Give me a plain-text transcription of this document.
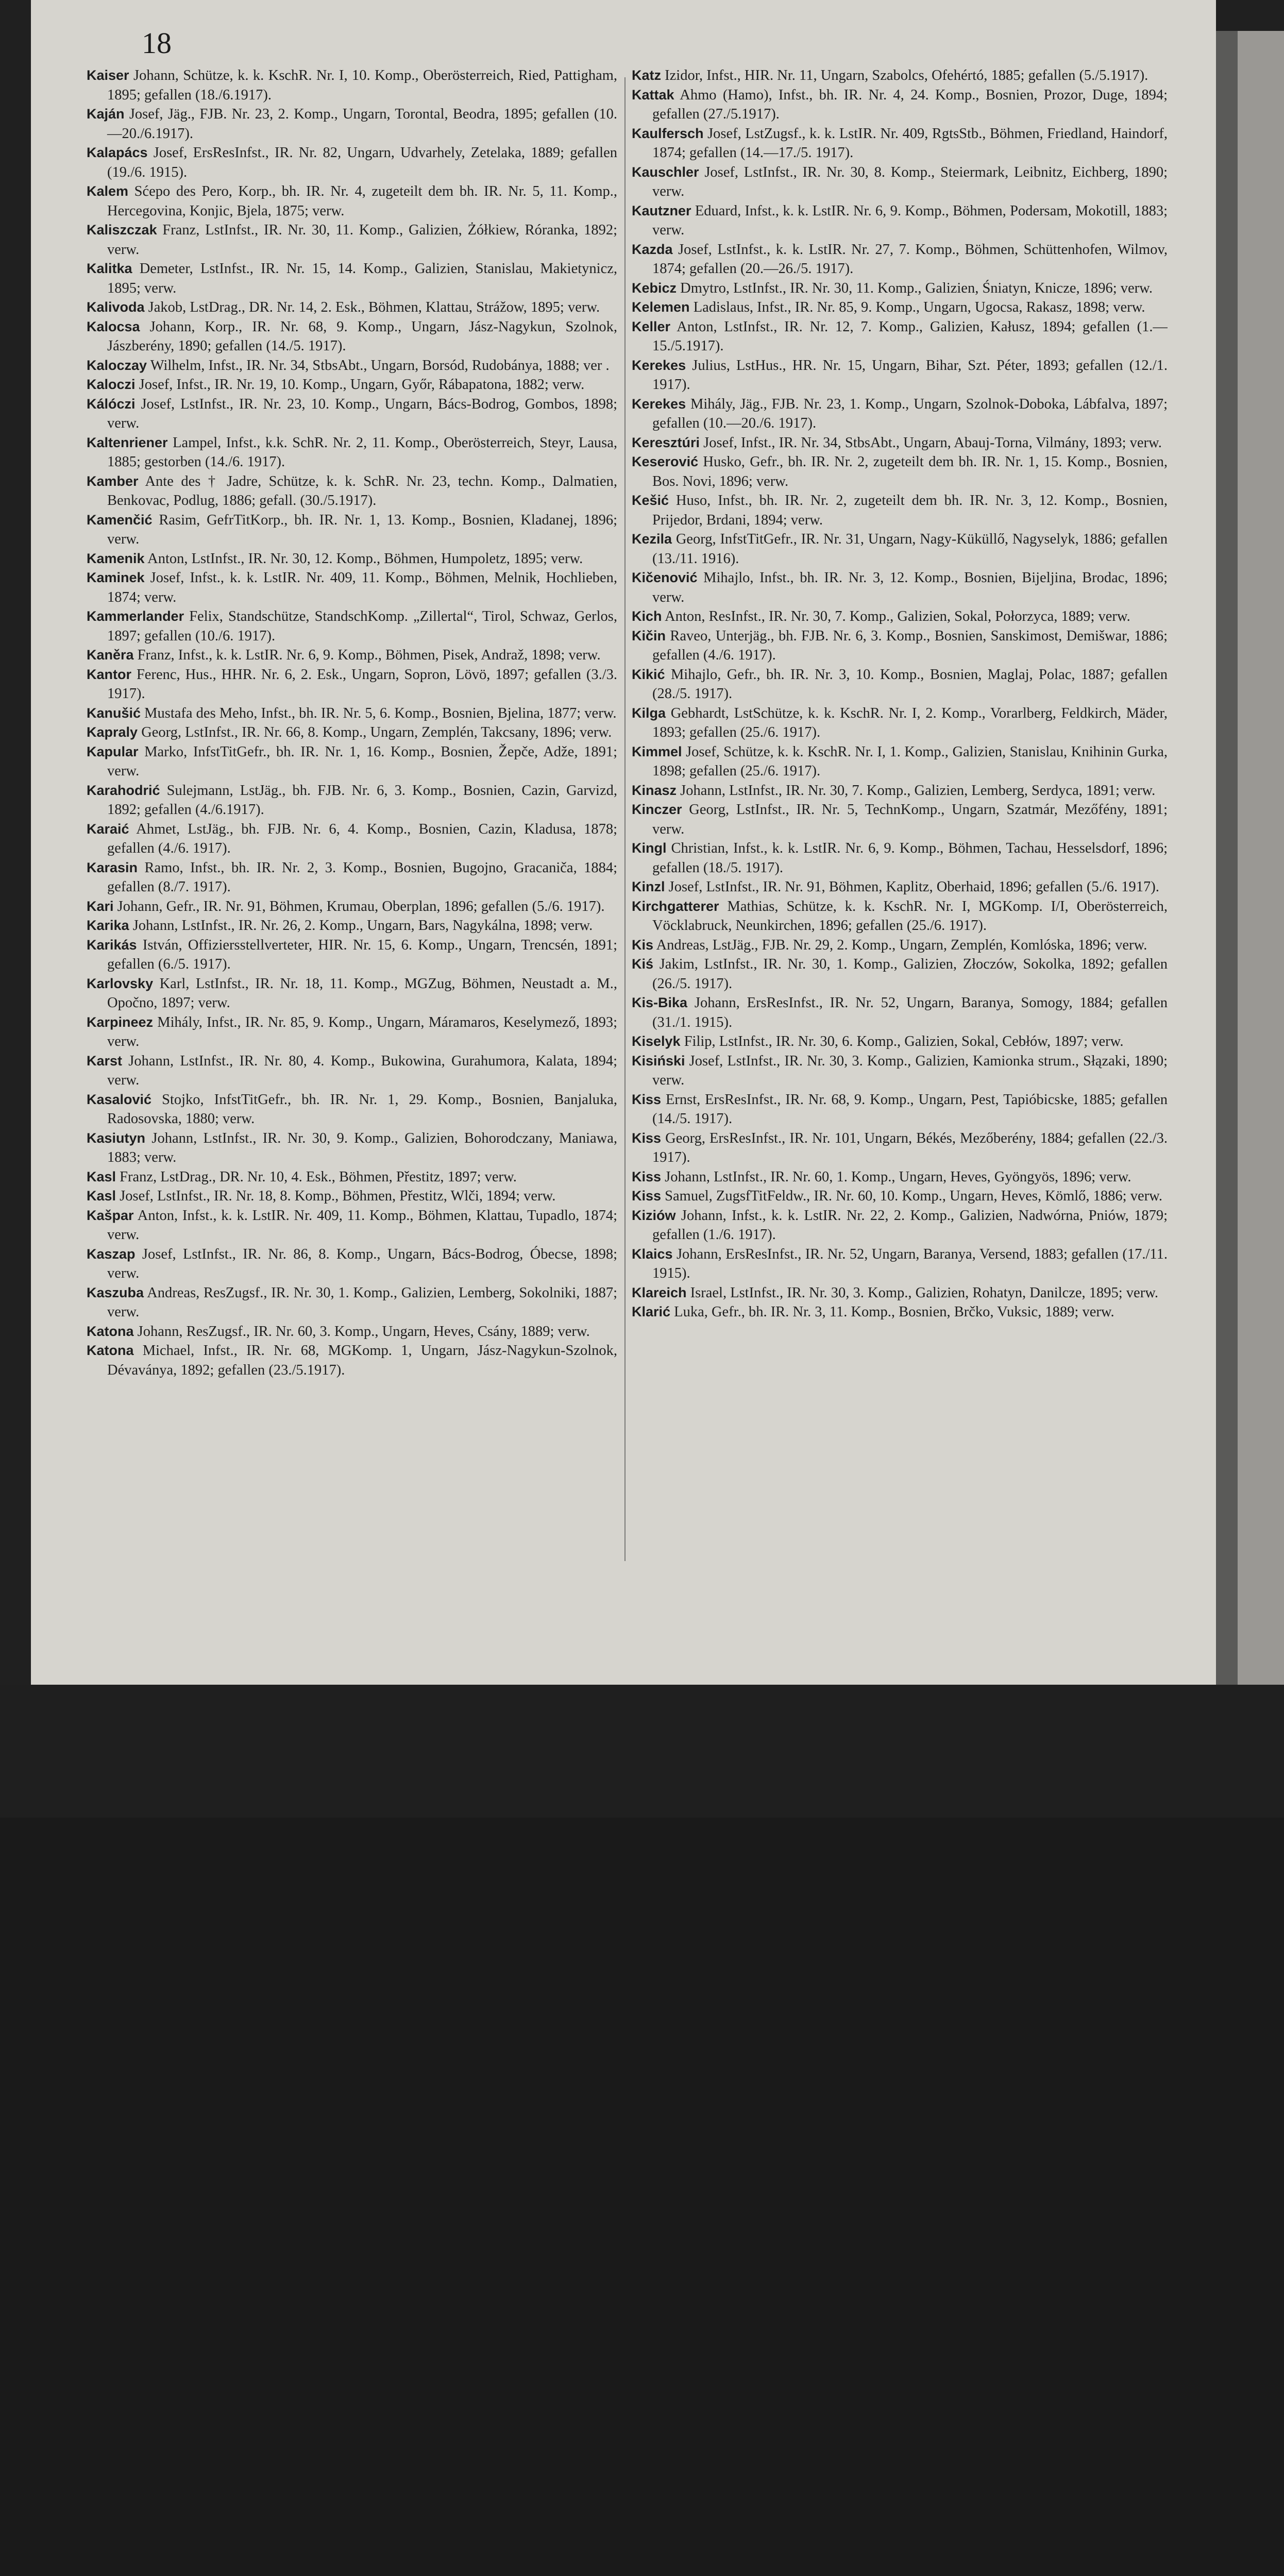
18

Kaiser Johann, Schütze, k. k. KschR. Nr. I, 10. Komp., Oberösterreich, Ried, Pattigham, 1895; gefallen (18./6.1917).

Kaján Josef, Jäg., FJB. Nr. 23, 2. Komp., Ungarn, Torontal, Beodra, 1895; gefallen (10.—20./6.1917).

Kalapács Josef, ErsResInfst., IR. Nr. 82, Ungarn, Udvarhely, Zetelaka, 1889; gefallen (19./6. 1915).

Kalem Sćepo des Pero, Korp., bh. IR. Nr. 4, zugeteilt dem bh. IR. Nr. 5, 11. Komp., Hercegovina, Konjic, Bjela, 1875; verw.

Kaliszczak Franz, LstInfst., IR. Nr. 30, 11. Komp., Galizien, Żółkiew, Róranka, 1892; verw.

Kalitka Demeter, LstInfst., IR. Nr. 15, 14. Komp., Galizien, Stanislau, Makietynicz, 1895; verw.

Kalivoda Jakob, LstDrag., DR. Nr. 14, 2. Esk., Böhmen, Klattau, Strážow, 1895; verw.

Kalocsa Johann, Korp., IR. Nr. 68, 9. Komp., Ungarn, Jász-Nagykun, Szolnok, Jászberény, 1890; gefallen (14./5. 1917).

Kaloczay Wilhelm, Infst., IR. Nr. 34, StbsAbt., Ungarn, Borsód, Rudobánya, 1888; ver .

Kaloczi Josef, Infst., IR. Nr. 19, 10. Komp., Ungarn, Győr, Rábapatona, 1882; verw.

Kálóczi Josef, LstInfst., IR. Nr. 23, 10. Komp., Ungarn, Bács-Bodrog, Gombos, 1898; verw.

Kaltenriener Lampel, Infst., k.k. SchR. Nr. 2, 11. Komp., Oberösterreich, Steyr, Lausa, 1885; gestorben (14./6. 1917).

Kamber Ante des † Jadre, Schütze, k. k. SchR. Nr. 23, techn. Komp., Dalmatien, Benkovac, Podlug, 1886; gefall. (30./5.1917).

Kamenčić Rasim, GefrTitKorp., bh. IR. Nr. 1, 13. Komp., Bosnien, Kladanej, 1896; verw.

Kamenik Anton, LstInfst., IR. Nr. 30, 12. Komp., Böhmen, Humpoletz, 1895; verw.

Kaminek Josef, Infst., k. k. LstIR. Nr. 409, 11. Komp., Böhmen, Melnik, Hochlieben, 1874; verw.

Kammerlander Felix, Standschütze, StandschKomp. „Zillertal“, Tirol, Schwaz, Gerlos, 1897; gefallen (10./6. 1917).

Kaněra Franz, Infst., k. k. LstIR. Nr. 6, 9. Komp., Böhmen, Pisek, Andraž, 1898; verw.

Kantor Ferenc, Hus., HHR. Nr. 6, 2. Esk., Ungarn, Sopron, Lövö, 1897; gefallen (3./3. 1917).

Kanušić Mustafa des Meho, Infst., bh. IR. Nr. 5, 6. Komp., Bosnien, Bjelina, 1877; verw.

Kapraly Georg, LstInfst., IR. Nr. 66, 8. Komp., Ungarn, Zemplén, Takcsany, 1896; verw.

Kapular Marko, InfstTitGefr., bh. IR. Nr. 1, 16. Komp., Bosnien, Žepče, Adže, 1891; verw.

Karahodrić Sulejmann, LstJäg., bh. FJB. Nr. 6, 3. Komp., Bosnien, Cazin, Garvizd, 1892; gefallen (4./6.1917).

Karaić Ahmet, LstJäg., bh. FJB. Nr. 6, 4. Komp., Bosnien, Cazin, Kladusa, 1878; gefallen (4./6. 1917).

Karasin Ramo, Infst., bh. IR. Nr. 2, 3. Komp., Bosnien, Bugojno, Gracaniča, 1884; gefallen (8./7. 1917).

Kari Johann, Gefr., IR. Nr. 91, Böhmen, Krumau, Oberplan, 1896; gefallen (5./6. 1917).

Karika Johann, LstInfst., IR. Nr. 26, 2. Komp., Ungarn, Bars, Nagykálna, 1898; verw.

Karikás István, Offiziersstellverteter, HIR. Nr. 15, 6. Komp., Ungarn, Trencsén, 1891; gefallen (6./5. 1917).

Karlovsky Karl, LstInfst., IR. Nr. 18, 11. Komp., MGZug, Böhmen, Neustadt a. M., Opočno, 1897; verw.

Karpineez Mihály, Infst., IR. Nr. 85, 9. Komp., Ungarn, Máramaros, Keselymező, 1893; verw.

Karst Johann, LstInfst., IR. Nr. 80, 4. Komp., Bukowina, Gurahumora, Kalata, 1894; verw.

Kasalović Stojko, InfstTitGefr., bh. IR. Nr. 1, 29. Komp., Bosnien, Banjaluka, Radosovska, 1880; verw.

Kasiutyn Johann, LstInfst., IR. Nr. 30, 9. Komp., Galizien, Bohorodczany, Maniawa, 1883; verw.

Kasl Franz, LstDrag., DR. Nr. 10, 4. Esk., Böhmen, Přestitz, 1897; verw.

Kasl Josef, LstInfst., IR. Nr. 18, 8. Komp., Böhmen, Přestitz, Wlči, 1894; verw.

Kašpar Anton, Infst., k. k. LstIR. Nr. 409, 11. Komp., Böhmen, Klattau, Tupadlo, 1874; verw.

Kaszap Josef, LstInfst., IR. Nr. 86, 8. Komp., Ungarn, Bács-Bodrog, Óbecse, 1898; verw.

Kaszuba Andreas, ResZugsf., IR. Nr. 30, 1. Komp., Galizien, Lemberg, Sokolniki, 1887; verw.

Katona Johann, ResZugsf., IR. Nr. 60, 3. Komp., Ungarn, Heves, Csány, 1889; verw.

Katona Michael, Infst., IR. Nr. 68, MGKomp. 1, Ungarn, Jász-Nagykun-Szolnok, Dévaványa, 1892; gefallen (23./5.1917).

Katz Izidor, Infst., HIR. Nr. 11, Ungarn, Szabolcs, Ofehértó, 1885; gefallen (5./5.1917).

Kattak Ahmo (Hamo), Infst., bh. IR. Nr. 4, 24. Komp., Bosnien, Prozor, Duge, 1894; gefallen (27./5.1917).

Kaulfersch Josef, LstZugsf., k. k. LstIR. Nr. 409, RgtsStb., Böhmen, Friedland, Haindorf, 1874; gefallen (14.—17./5. 1917).

Kauschler Josef, LstInfst., IR. Nr. 30, 8. Komp., Steiermark, Leibnitz, Eichberg, 1890; verw.

Kautzner Eduard, Infst., k. k. LstIR. Nr. 6, 9. Komp., Böhmen, Podersam, Mokotill, 1883; verw.

Kazda Josef, LstInfst., k. k. LstIR. Nr. 27, 7. Komp., Böhmen, Schüttenhofen, Wilmov, 1874; gefallen (20.—26./5. 1917).

Kebicz Dmytro, LstInfst., IR. Nr. 30, 11. Komp., Galizien, Śniatyn, Knicze, 1896; verw.

Kelemen Ladislaus, Infst., IR. Nr. 85, 9. Komp., Ungarn, Ugocsa, Rakasz, 1898; verw.

Keller Anton, LstInfst., IR. Nr. 12, 7. Komp., Galizien, Kałusz, 1894; gefallen (1.—15./5.1917).

Kerekes Julius, LstHus., HR. Nr. 15, Ungarn, Bihar, Szt. Péter, 1893; gefallen (12./1. 1917).

Kerekes Mihály, Jäg., FJB. Nr. 23, 1. Komp., Ungarn, Szolnok-Doboka, Lábfalva, 1897; gefallen (10.—20./6. 1917).

Keresztúri Josef, Infst., IR. Nr. 34, StbsAbt., Ungarn, Abauj-Torna, Vilmány, 1893; verw.

Keserović Husko, Gefr., bh. IR. Nr. 2, zugeteilt dem bh. IR. Nr. 1, 15. Komp., Bosnien, Bos. Novi, 1896; verw.

Kešić Huso, Infst., bh. IR. Nr. 2, zugeteilt dem bh. IR. Nr. 3, 12. Komp., Bosnien, Prijedor, Brdani, 1894; verw.

Kezila Georg, InfstTitGefr., IR. Nr. 31, Ungarn, Nagy-Küküllő, Nagyselyk, 1886; gefallen (13./11. 1916).

Kičenović Mihajlo, Infst., bh. IR. Nr. 3, 12. Komp., Bosnien, Bijeljina, Brodac, 1896; verw.

Kich Anton, ResInfst., IR. Nr. 30, 7. Komp., Galizien, Sokal, Połorzyca, 1889; verw.

Kičin Raveo, Unterjäg., bh. FJB. Nr. 6, 3. Komp., Bosnien, Sanskimost, Demišwar, 1886; gefallen (4./6. 1917).

Kikić Mihajlo, Gefr., bh. IR. Nr. 3, 10. Komp., Bosnien, Maglaj, Polac, 1887; gefallen (28./5. 1917).

Kilga Gebhardt, LstSchütze, k. k. KschR. Nr. I, 2. Komp., Vorarlberg, Feldkirch, Mäder, 1893; gefallen (25./6. 1917).

Kimmel Josef, Schütze, k. k. KschR. Nr. I, 1. Komp., Galizien, Stanislau, Knihinin Gurka, 1898; gefallen (25./6. 1917).

Kinasz Johann, LstInfst., IR. Nr. 30, 7. Komp., Galizien, Lemberg, Serdyca, 1891; verw.

Kinczer Georg, LstInfst., IR. Nr. 5, TechnKomp., Ungarn, Szatmár, Mezőfény, 1891; verw.

Kingl Christian, Infst., k. k. LstIR. Nr. 6, 9. Komp., Böhmen, Tachau, Hesselsdorf, 1896; gefallen (18./5. 1917).

Kinzl Josef, LstInfst., IR. Nr. 91, Böhmen, Kaplitz, Oberhaid, 1896; gefallen (5./6. 1917).

Kirchgatterer Mathias, Schütze, k. k. KschR. Nr. I, MGKomp. I/I, Oberösterreich, Vöcklabruck, Neunkirchen, 1896; gefallen (25./6. 1917).

Kis Andreas, LstJäg., FJB. Nr. 29, 2. Komp., Ungarn, Zemplén, Komlóska, 1896; verw.

Kiś Jakim, LstInfst., IR. Nr. 30, 1. Komp., Galizien, Złoczów, Sokolka, 1892; gefallen (26./5. 1917).

Kis-Bika Johann, ErsResInfst., IR. Nr. 52, Ungarn, Baranya, Somogy, 1884; gefallen (31./1. 1915).

Kiselyk Filip, LstInfst., IR. Nr. 30, 6. Komp., Galizien, Sokal, Cebłów, 1897; verw.

Kisiński Josef, LstInfst., IR. Nr. 30, 3. Komp., Galizien, Kamionka strum., Słązaki, 1890; verw.

Kiss Ernst, ErsResInfst., IR. Nr. 68, 9. Komp., Ungarn, Pest, Tapióbicske, 1885; gefallen (14./5. 1917).

Kiss Georg, ErsResInfst., IR. Nr. 101, Ungarn, Békés, Mezőberény, 1884; gefallen (22./3. 1917).

Kiss Johann, LstInfst., IR. Nr. 60, 1. Komp., Ungarn, Heves, Gyöngyös, 1896; verw.

Kiss Samuel, ZugsfTitFeldw., IR. Nr. 60, 10. Komp., Ungarn, Heves, Kömlő, 1886; verw.

Kiziów Johann, Infst., k. k. LstIR. Nr. 22, 2. Komp., Galizien, Nadwórna, Pniów, 1879; gefallen (1./6. 1917).

Klaics Johann, ErsResInfst., IR. Nr. 52, Ungarn, Baranya, Versend, 1883; gefallen (17./11. 1915).

Klareich Israel, LstInfst., IR. Nr. 30, 3. Komp., Galizien, Rohatyn, Danilcze, 1895; verw.

Klarić Luka, Gefr., bh. IR. Nr. 3, 11. Komp., Bosnien, Brčko, Vuksic, 1889; verw.
